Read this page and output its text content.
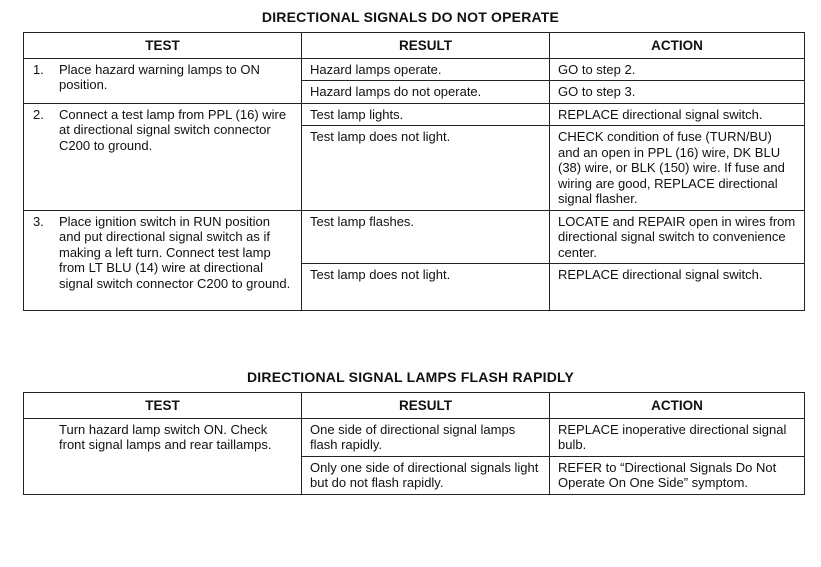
DIRECTIONAL SIGNALS DO NOT OPERATE
TEST	RESULT	ACTION

1. Place hazard warning lamps to ON position.	Hazard lamps operate.	GO to step 2.
	Hazard lamps do not operate.	GO to step 3.

2. Connect a test lamp from PPL (16) wire at directional signal switch connector C200 to ground.	Test lamp lights.	REPLACE directional signal switch.
	Test lamp does not light.	CHECK condition of fuse (TURN/BU) and an open in PPL (16) wire, DK BLU (38) wire, or BLK (150) wire. If fuse and wiring are good, REPLACE directional signal flasher.

3. Place ignition switch in RUN position and put directional signal switch as if making a left turn. Connect test lamp from LT BLU (14) wire at directional signal switch connector C200 to ground.	Test lamp flashes.	LOCATE and REPAIR open in wires from directional signal switch to convenience center.
	Test lamp does not light.	REPLACE directional signal switch.
DIRECTIONAL SIGNAL LAMPS FLASH RAPIDLY
TEST	RESULT	ACTION

Turn hazard lamp switch ON. Check front signal lamps and rear taillamps.	One side of directional signal lamps flash rapidly.	REPLACE inoperative directional signal bulb.
	Only one side of directional signals light but do not flash rapidly.	REFER to “Directional Signals Do Not Operate On One Side” symptom.
